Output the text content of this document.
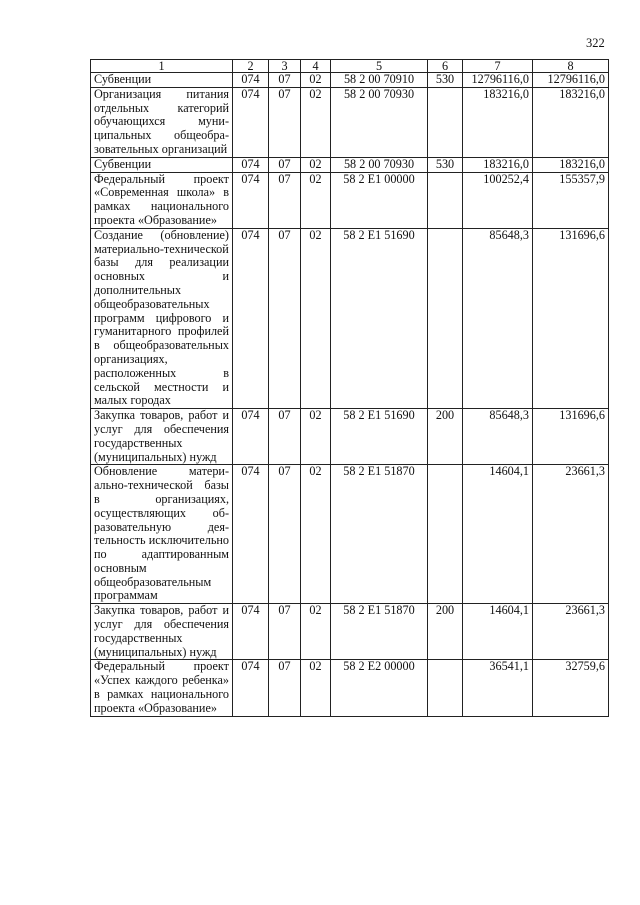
322
1	2	3	4	5	6	7	8
Субвенции	074	07	02	58 2 00 70910	530	12796116,0	12796116,0
Организация питания отдельных категорий обучающихся муниципальных общеобразовательных организаций	074	07	02	58 2 00 70930		183216,0	183216,0
Субвенции	074	07	02	58 2 00 70930	530	183216,0	183216,0
Федеральный проект «Современная школа» в рамках национального проекта «Образование»	074	07	02	58 2 E1 00000		100252,4	155357,9
Создание (обновление) материально-технической базы для реализации основных и дополнительных общеобразовательных программ цифрового и гуманитарного профилей в общеобразовательных организациях, расположенных в сельской местности и малых городах	074	07	02	58 2 E1 51690		85648,3	131696,6
Закупка товаров, работ и услуг для обеспечения государственных (муниципальных) нужд	074	07	02	58 2 E1 51690	200	85648,3	131696,6
Обновление материально-технической базы в организациях, осуществляющих образовательную деятельность исключительно по адаптированным основным общеобразовательным программам	074	07	02	58 2 E1 51870		14604,1	23661,3
Закупка товаров, работ и услуг для обеспечения государственных (муниципальных) нужд	074	07	02	58 2 E1 51870	200	14604,1	23661,3
Федеральный проект «Успех каждого ребенка» в рамках национального проекта «Образование»	074	07	02	58 2 E2 00000		36541,1	32759,6
